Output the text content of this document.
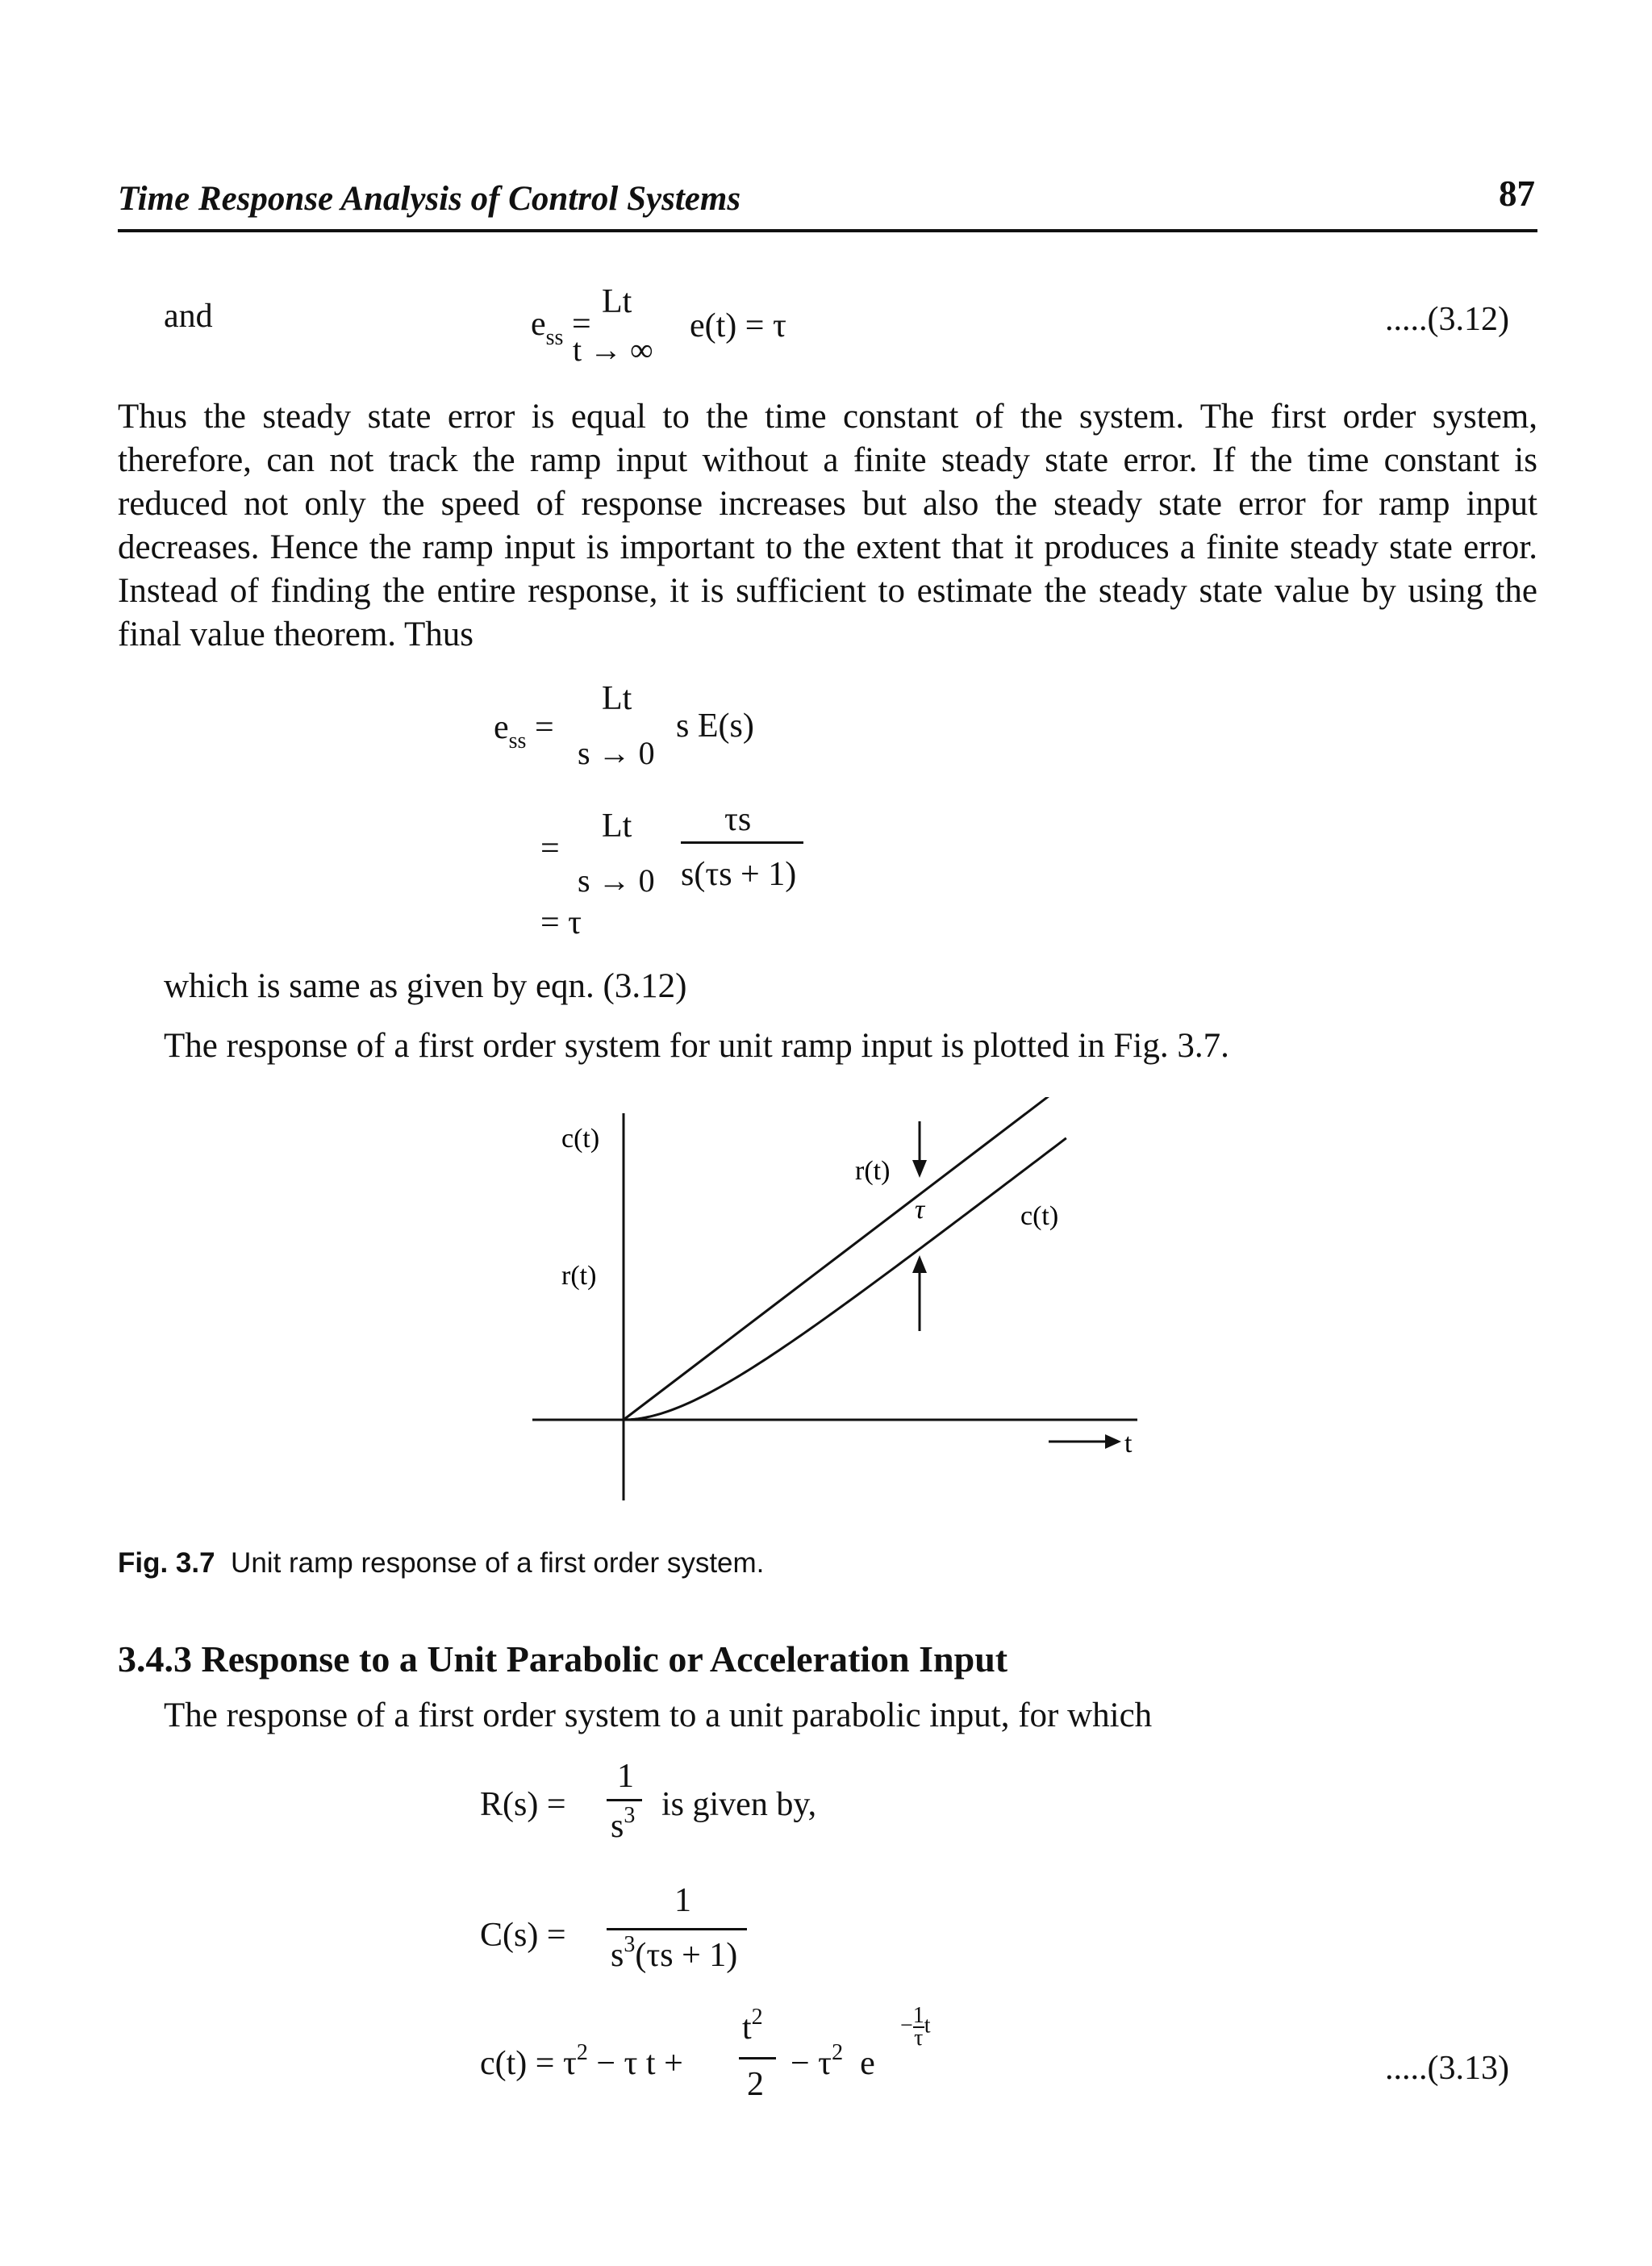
Time Response Analysis of Control Systems	87
and	$e_{ss}$ =
Lt
t → ∞
e(t) = τ	.....(3.12)
Thus the steady state error is equal to the time constant of the system. The first order system,
therefore, can not track the ramp input without a finite steady state error. If the time constant is
reduced not only the speed of response increases but also the steady state error for ramp input
decreases. Hence the ramp input is important to the extent that it produces a finite steady state error.
Instead of finding the entire response, it is sufficient to estimate the steady state value by using the
final value theorem. Thus
$e_{ss}$ =
Lt
s → 0
s E(s)
=
Lt
s → 0
τs
s(τs + 1)
= τ
which is same as given by eqn. (3.12)
The response of a first order system for unit ramp input is plotted in Fig. 3.7.
c(t)
r(t)
r(t)
τ	c(t)
t
Fig. 3.7 Unit ramp response of a first order system.
3.4.3 Response to a Unit Parabolic or Acceleration Input
The response of a first order system to a unit parabolic input, for which
R(s) =
1
$s^3$ is given by,
C(s) =
1
$s^3(\tau s + 1)$
$c(t) = \tau^2 - \tau$ t +
$t^2$
2
− $\tau^2$ e
− $\frac{1}{\tau}$ t
.....(3.13)
